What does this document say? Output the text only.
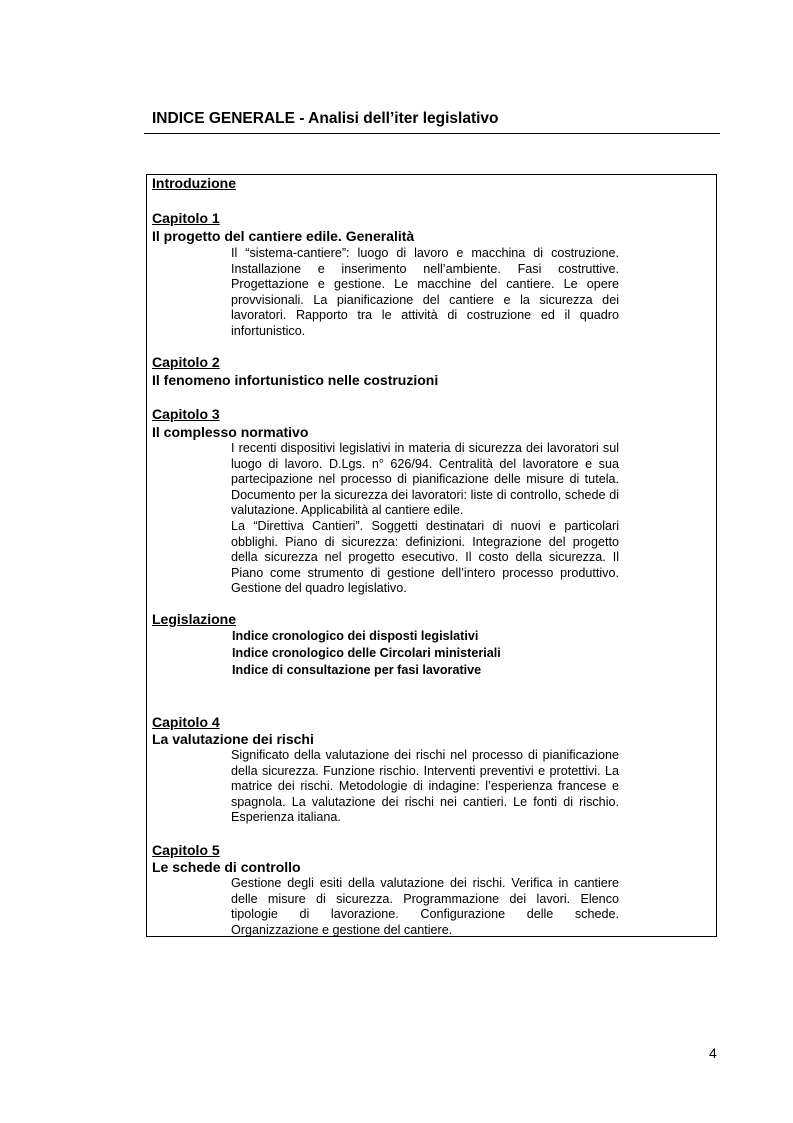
INDICE GENERALE - Analisi dell’iter legislativo
Introduzione
Capitolo 1
Il progetto del cantiere edile. Generalità

Il “sistema-cantiere”: luogo di lavoro e macchina di costruzione. Installazione e inserimento nell’ambiente. Fasi costruttive. Progettazione e gestione. Le macchine del cantiere. Le opere provvisionali. La pianificazione del cantiere e la sicurezza dei lavoratori. Rapporto tra le attività di costruzione ed il quadro infortunistico.

Capitolo 2
Il fenomeno infortunistico nelle costruzioni
Capitolo 3
Il complesso normativo

I recenti dispositivi legislativi in materia di sicurezza dei lavoratori sul luogo di lavoro. D.Lgs. n° 626/94. Centralità del lavoratore e sua partecipazione nel processo di pianificazione delle misure di tutela. Documento per la sicurezza dei lavoratori: liste di controllo, schede di valutazione. Applicabilità al cantiere edile.

La “Direttiva Cantieri”. Soggetti destinatari di nuovi e particolari obblighi. Piano di sicurezza: definizioni. Integrazione del progetto della sicurezza nel progetto esecutivo. Il costo della sicurezza. Il Piano come strumento di gestione dell’intero processo produttivo. Gestione del quadro legislativo.

Legislazione
Indice cronologico dei disposti legislativi
Indice cronologico delle Circolari ministeriali
Indice di consultazione per fasi lavorative
Capitolo 4
La valutazione dei rischi

Significato della valutazione dei rischi nel processo di pianificazione della sicurezza. Funzione rischio. Interventi preventivi e protettivi. La matrice dei rischi. Metodologie di indagine: l’esperienza francese e spagnola. La valutazione dei rischi nei cantieri. Le fonti di rischio. Esperienza italiana.

Capitolo 5
Le schede di controllo

Gestione degli esiti della valutazione dei rischi. Verifica in cantiere delle misure di sicurezza. Programmazione dei lavori. Elenco tipologie di lavorazione. Configurazione delle schede. Organizzazione e gestione del cantiere.

4
